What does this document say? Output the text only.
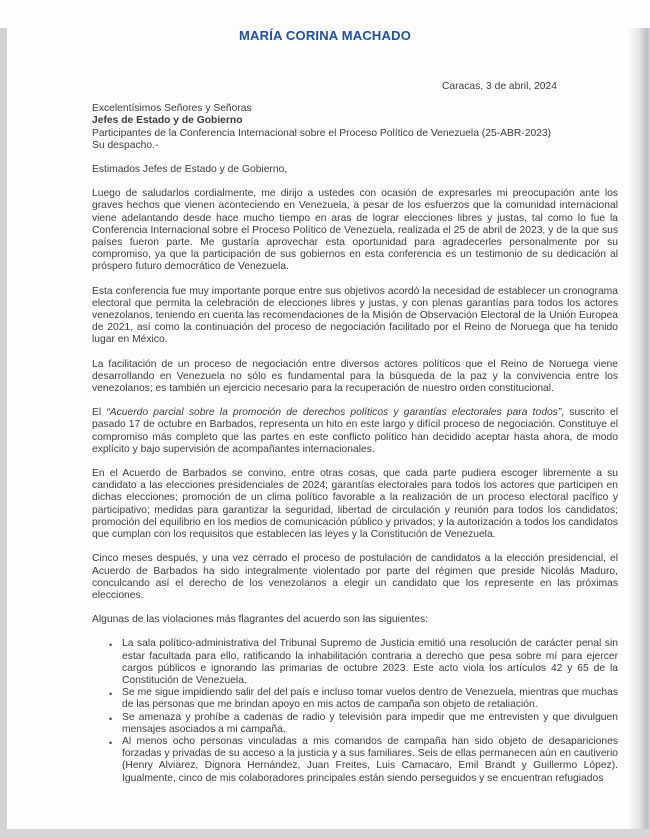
MARÍA CORINA MACHADO
Caracas, 3 de abril, 2024
Excelentísimos Señores y Señoras
Jefes de Estado y de Gobierno
Participantes de la Conferencia Internacional sobre el Proceso Político de Venezuela (25-ABR-2023)
Su despacho.-
Estimados Jefes de Estado y de Gobierno,

Luego de saludarlos cordialmente, me dirijo a ustedes con ocasión de expresarles mi preocupación ante los graves hechos que vienen aconteciendo en Venezuela, a pesar de los esfuerzos que la comunidad internacional viene adelantando desde hace mucho tiempo en aras de lograr elecciones libres y justas, tal como lo fue la Conferencia Internacional sobre el Proceso Político de Venezuela, realizada el 25 de abril de 2023, y de la que sus países fueron parte. Me gustaría aprovechar esta oportunidad para agradecerles personalmente por su compromiso, ya que la participación de sus gobiernos en esta conferencia es un testimonio de su dedicación al próspero futuro democrático de Venezuela.

Esta conferencia fue muy importante porque entre sus objetivos acordó la necesidad de establecer un cronograma electoral que permita la celebración de elecciones libres y justas, y con plenas garantías para todos los actores venezolanos, teniendo en cuenta las recomendaciones de la Misión de Observación Electoral de la Unión Europea de 2021, así como la continuación del proceso de negociación facilitado por el Reino de Noruega que ha tenido lugar en México.

La facilitación de un proceso de negociación entre diversos actores políticos que el Reino de Noruega viene desarrollando en Venezuela no sólo es fundamental para la búsqueda de la paz y la convivencia entre los venezolanos; es también un ejercicio necesario para la recuperación de nuestro orden constitucional.

El “Acuerdo parcial sobre la promoción de derechos políticos y garantías electorales para todos”, suscrito el pasado 17 de octubre en Barbados, representa un hito en este largo y difícil proceso de negociación. Constituye el compromiso más completo que las partes en este conflicto político han decidido aceptar hasta ahora, de modo explícito y bajo supervisión de acompañantes internacionales.

En el Acuerdo de Barbados se convino, entre otras cosas, que cada parte pudiera escoger libremente a su candidato a las elecciones presidenciales de 2024; garantías electorales para todos los actores que participen en dichas elecciones; promoción de un clima político favorable a la realización de un proceso electoral pacífico y participativo; medidas para garantizar la seguridad, libertad de circulación y reunión para todos los candidatos; promoción del equilibrio en los medios de comunicación público y privados; y la autorización a todos los candidatos que cumplan con los requisitos que establecen las leyes y la Constitución de Venezuela.

Cinco meses después, y una vez cerrado el proceso de postulación de candidatos a la elección presidencial, el Acuerdo de Barbados ha sido integralmente violentado por parte del régimen que preside Nicolás Maduro, conculcando así el derecho de los venezolanos a elegir un candidato que los represente en las próximas elecciones.

Algunas de las violaciones más flagrantes del acuerdo son las siguientes:

• La sala político-administrativa del Tribunal Supremo de Justicia emitió una resolución de carácter penal sin estar facultada para ello, ratificando la inhabilitación contraria a derecho que pesa sobre mí para ejercer cargos públicos e ignorando las primarias de octubre 2023. Este acto viola los artículos 42 y 65 de la Constitución de Venezuela.
• Se me sigue impidiendo salir del del país e incluso tomar vuelos dentro de Venezuela, mientras que muchas de las personas que me brindan apoyo en mis actos de campaña son objeto de retaliación.
• Se amenaza y prohíbe a cadenas de radio y televisión para impedir que me entrevisten y que divulguen mensajes asociados a mi campaña.
• Al menos ocho personas vinculadas a mis comandos de campaña han sido objeto de desapariciones forzadas y privadas de su acceso a la justicia y a sus familiares. Seis de ellas permanecen aún en cautiverio (Henry Alviarez, Dignora Hernández, Juan Freites, Luis Camacaro, Emil Brandt y Guillermo López). Igualmente, cinco de mis colaboradores principales están siendo perseguidos y se encuentran refugiados
